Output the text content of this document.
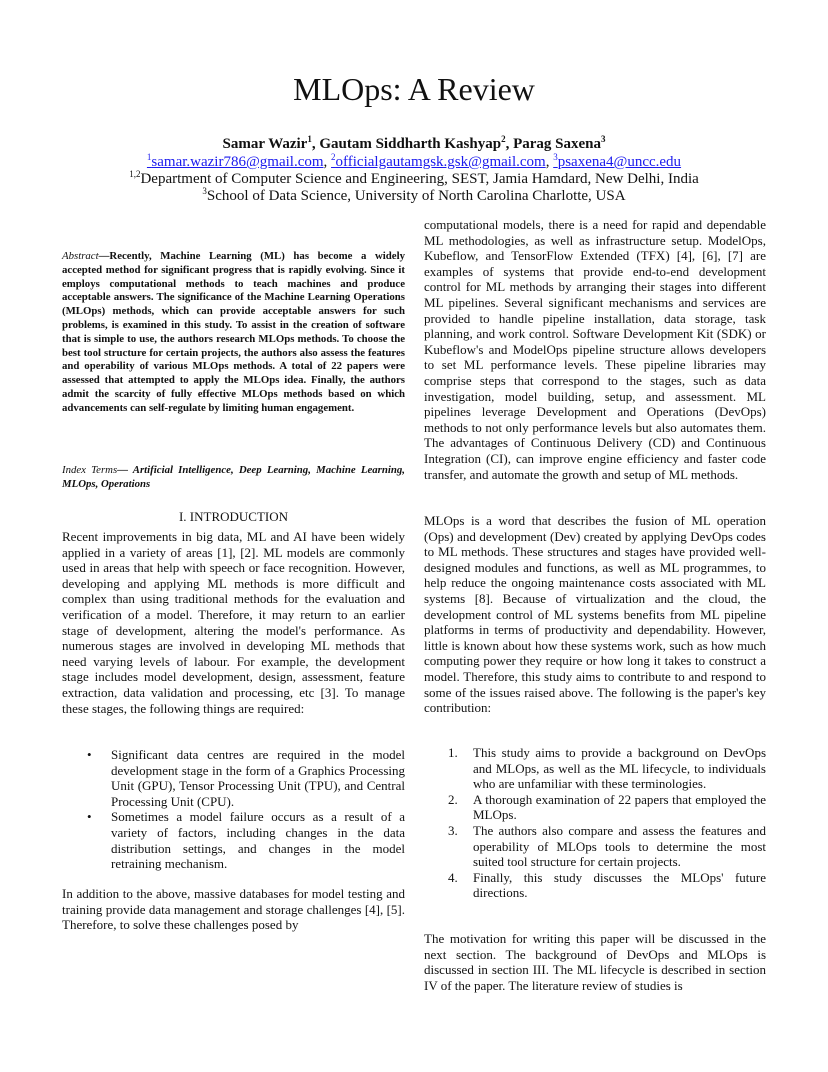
MLOps: A Review
Samar Wazir$^1$, Gautam Siddharth Kashyap$^2$, Parag Saxena$^3$
$^1$samar.wazir786@gmail.com, $^2$officialgautamgsk.gsk@gmail.com, $^3$psaxena4@uncc.edu
$^{1,2}$Department of Computer Science and Engineering, SEST, Jamia Hamdard, New Delhi, India
$^3$School of Data Science, University of North Carolina Charlotte, USA
Abstract—Recently, Machine Learning (ML) has become a widely accepted method for significant progress that is rapidly evolving. Since it employs computational methods to teach machines and produce acceptable answers. The significance of the Machine Learning Operations (MLOps) methods, which can provide acceptable answers for such problems, is examined in this study. To assist in the creation of software that is simple to use, the authors research MLOps methods. To choose the best tool structure for certain projects, the authors also assess the features and operability of various MLOps methods. A total of 22 papers were assessed that attempted to apply the MLOps idea. Finally, the authors admit the scarcity of fully effective MLOps methods based on which advancements can self-regulate by limiting human engagement.
Index Terms— Artificial Intelligence, Deep Learning, Machine Learning, MLOps, Operations
I. INTRODUCTION

Recent improvements in big data, ML and AI have been widely applied in a variety of areas [1], [2]. ML models are commonly used in areas that help with speech or face recognition. However, developing and applying ML methods is more difficult and complex than using traditional methods for the evaluation and verification of a model. Therefore, it may return to an earlier stage of development, altering the model's performance. As numerous stages are involved in developing ML methods that need varying levels of labour. For example, the development stage includes model development, design, assessment, feature extraction, data validation and processing, etc [3]. To manage these stages, the following things are required:

• Significant data centres are required in the model development stage in the form of a Graphics Processing Unit (GPU), Tensor Processing Unit (TPU), and Central Processing Unit (CPU).
• Sometimes a model failure occurs as a result of a variety of factors, including changes in the data distribution settings, and changes in the model retraining mechanism.

In addition to the above, massive databases for model testing and training provide data management and storage challenges [4], [5]. Therefore, to solve these challenges posed by

computational models, there is a need for rapid and dependable ML methodologies, as well as infrastructure setup. ModelOps, Kubeflow, and TensorFlow Extended (TFX) [4], [6], [7] are examples of systems that provide end-to-end development control for ML methods by arranging their stages into different ML pipelines. Several significant mechanisms and services are provided to handle pipeline installation, data storage, task planning, and work control. Software Development Kit (SDK) or Kubeflow's and ModelOps pipeline structure allows developers to set ML performance levels. These pipeline libraries may comprise steps that correspond to the stages, such as data investigation, model building, setup, and assessment. ML pipelines leverage Development and Operations (DevOps) methods to not only performance levels but also automates them. The advantages of Continuous Delivery (CD) and Continuous Integration (CI), can improve engine efficiency and faster code transfer, and automate the growth and setup of ML methods.

MLOps is a word that describes the fusion of ML operation (Ops) and development (Dev) created by applying DevOps codes to ML methods. These structures and stages have provided well-designed modules and functions, as well as ML programmes, to help reduce the ongoing maintenance costs associated with ML systems [8]. Because of virtualization and the cloud, the development control of ML systems benefits from ML pipeline platforms in terms of productivity and dependability. However, little is known about how these systems work, such as how much computing power they require or how long it takes to construct a model. Therefore, this study aims to contribute to and respond to some of the issues raised above. The following is the paper's key contribution:

1. This study aims to provide a background on DevOps and MLOps, as well as the ML lifecycle, to individuals who are unfamiliar with these terminologies.
2. A thorough examination of 22 papers that employed the MLOps.
3. The authors also compare and assess the features and operability of MLOps tools to determine the most suited tool structure for certain projects.
4. Finally, this study discusses the MLOps' future directions.

The motivation for writing this paper will be discussed in the next section. The background of DevOps and MLOps is discussed in section III. The ML lifecycle is described in section IV of the paper. The literature review of studies is
